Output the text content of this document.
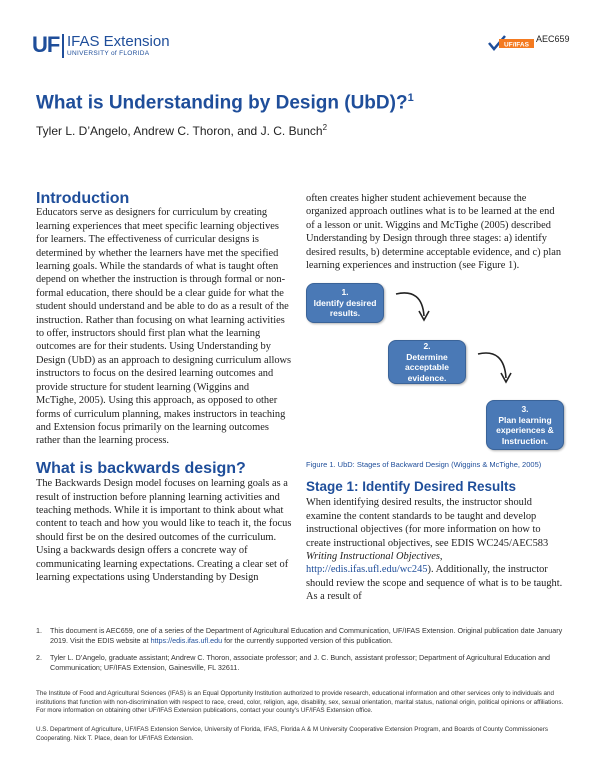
UF IFAS Extension
UNIVERSITY of FLORIDA
UF/IFAS
AEC659
What is Understanding by Design (UbD)?$^1$
Tyler L. D’Angelo, Andrew C. Thoron, and J. C. Bunch$^2$
Introduction
Educators serve as designers for curriculum by creating learning experiences that meet specific learning objectives for learners. The effectiveness of curricular designs is determined by whether the learners have met the specified learning goals. While the standards of what is taught often depend on whether the instruction is through formal or non-formal education, there should be a clear guide for what the student should understand and be able to do as a result of the instruction. Rather than focusing on what learning activities to offer, instructors should first plan what the learning outcomes are for their students. Using Understanding by Design (UbD) as an approach to designing curriculum allows instructors to focus on the desired learning outcomes and provide structure for student learning (Wiggins and McTighe, 2005). Using this approach, as opposed to other forms of curriculum planning, makes instructors in teaching and Extension focus primarily on the learning outcomes rather than the learning process.
What is backwards design?
The Backwards Design model focuses on learning goals as a result of instruction before planning learning activities and teaching methods. While it is important to think about what content to teach and how you would like to teach it, the focus should first be on the desired outcomes of the curriculum. Using a backwards design offers a concrete way of communicating learning expectations. Creating a clear set of learning expectations using Understanding by Design
often creates higher student achievement because the organized approach outlines what is to be learned at the end of a lesson or unit. Wiggins and McTighe (2005) described Understanding by Design through three stages: a) identify desired results, b) determine acceptable evidence, and c) plan learning experiences and instruction (see Figure 1).
1.
Identify desired results.
2.
Determine acceptable evidence.
3.
Plan learning experiences & Instruction.
Figure 1. UbD: Stages of Backward Design (Wiggins & McTighe, 2005)
Stage 1: Identify Desired Results
When identifying desired results, the instructor should examine the content standards to be taught and develop instructional objectives (for more information on how to create instructional objectives, see EDIS WC245/AEC583 Writing Instructional Objectives, http://edis.ifas.ufl.edu/wc245). Additionally, the instructor should review the scope and sequence of what is to be taught. As a result of
1. This document is AEC659, one of a series of the Department of Agricultural Education and Communication, UF/IFAS Extension. Original publication date January 2019. Visit the EDIS website at https://edis.ifas.ufl.edu for the currently supported version of this publication.
2. Tyler L. D’Angelo, graduate assistant; Andrew C. Thoron, associate professor; and J. C. Bunch, assistant professor; Department of Agricultural Education and Communication; UF/IFAS Extension, Gainesville, FL 32611.
The Institute of Food and Agricultural Sciences (IFAS) is an Equal Opportunity Institution authorized to provide research, educational information and other services only to individuals and institutions that function with non-discrimination with respect to race, creed, color, religion, age, disability, sex, sexual orientation, marital status, national origin, political opinions or affiliations. For more information on obtaining other UF/IFAS Extension publications, contact your county’s UF/IFAS Extension office.
U.S. Department of Agriculture, UF/IFAS Extension Service, University of Florida, IFAS, Florida A & M University Cooperative Extension Program, and Boards of County Commissioners Cooperating. Nick T. Place, dean for UF/IFAS Extension.
